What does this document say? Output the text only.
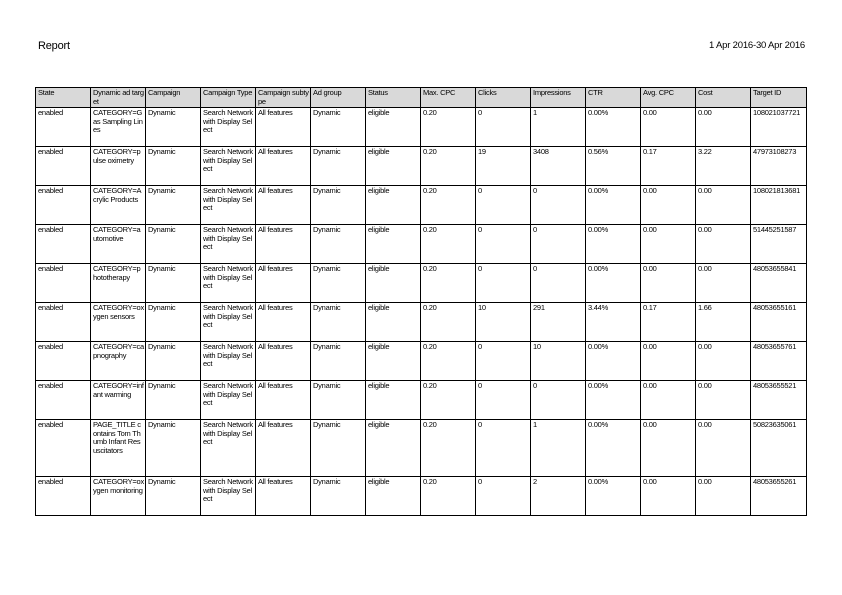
Report	1 Apr 2016-30 Apr 2016
State	Dynamic ad target	Campaign	Campaign Type	Campaign subtype	Ad group	Status	Max. CPC	Clicks	Impressions	CTR	Avg. CPC	Cost	Target ID
enabled	CATEGORY=Gas Sampling Lines	Dynamic	Search Network with Display Select	All features	Dynamic	eligible	0.20	0	1	0.00%	0.00	0.00	108021037721
enabled	CATEGORY=pulse oximetry	Dynamic	Search Network with Display Select	All features	Dynamic	eligible	0.20	19	3408	0.56%	0.17	3.22	47973108273
enabled	CATEGORY=Acrylic Products	Dynamic	Search Network with Display Select	All features	Dynamic	eligible	0.20	0	0	0.00%	0.00	0.00	108021813681
enabled	CATEGORY=automotive	Dynamic	Search Network with Display Select	All features	Dynamic	eligible	0.20	0	0	0.00%	0.00	0.00	51445251587
enabled	CATEGORY=phototherapy	Dynamic	Search Network with Display Select	All features	Dynamic	eligible	0.20	0	0	0.00%	0.00	0.00	48053655841
enabled	CATEGORY=oxygen sensors	Dynamic	Search Network with Display Select	All features	Dynamic	eligible	0.20	10	291	3.44%	0.17	1.66	48053655161
enabled	CATEGORY=capnography	Dynamic	Search Network with Display Select	All features	Dynamic	eligible	0.20	0	10	0.00%	0.00	0.00	48053655761
enabled	CATEGORY=infant warming	Dynamic	Search Network with Display Select	All features	Dynamic	eligible	0.20	0	0	0.00%	0.00	0.00	48053655521
enabled	PAGE_TITLE contains Tom Thumb Infant Resuscitators	Dynamic	Search Network with Display Select	All features	Dynamic	eligible	0.20	0	1	0.00%	0.00	0.00	50823635061
enabled	CATEGORY=oxygen monitoring	Dynamic	Search Network with Display Select	All features	Dynamic	eligible	0.20	0	2	0.00%	0.00	0.00	48053655261
